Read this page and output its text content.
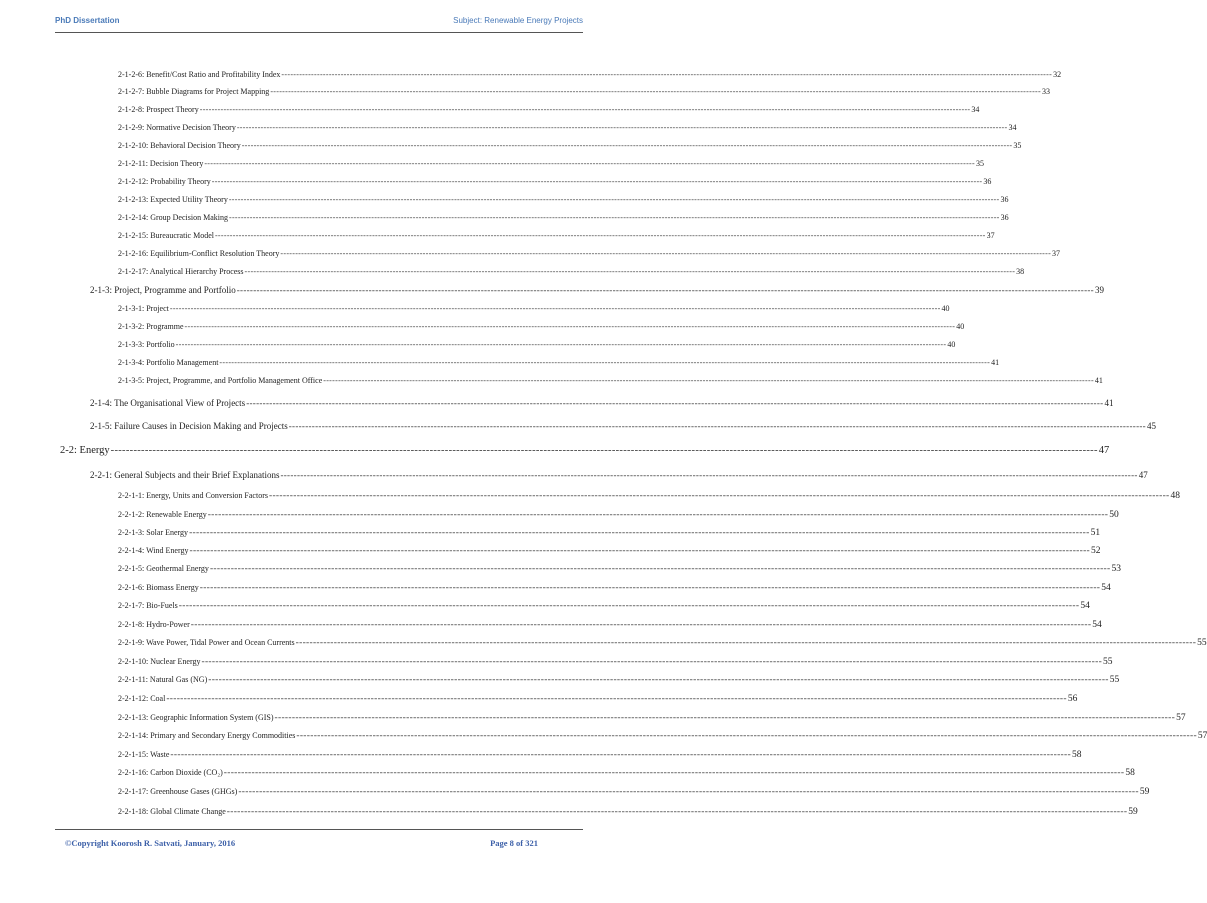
PhD Dissertation	Subject: Renewable Energy Projects
2-1-2-6: Benefit/Cost Ratio and Profitability Index -------------------------------------------------------------------------------------------------------------------------------------------------------------------------------------------------------------------------------------------------------------------- 32
2-1-2-7: Bubble Diagrams for Project Mapping -------------------------------------------------------------------------------------------------------------------------------------------------------------------------------------------------------------------------------------------------------------------- 33
2-1-2-8: Prospect Theory -------------------------------------------------------------------------------------------------------------------------------------------------------------------------------------------------------------------------------------------------------------------- 34
2-1-2-9: Normative Decision Theory -------------------------------------------------------------------------------------------------------------------------------------------------------------------------------------------------------------------------------------------------------------------- 34
2-1-2-10: Behavioral Decision Theory -------------------------------------------------------------------------------------------------------------------------------------------------------------------------------------------------------------------------------------------------------------------- 35
2-1-2-11: Decision Theory -------------------------------------------------------------------------------------------------------------------------------------------------------------------------------------------------------------------------------------------------------------------- 35
2-1-2-12: Probability Theory -------------------------------------------------------------------------------------------------------------------------------------------------------------------------------------------------------------------------------------------------------------------- 36
2-1-2-13: Expected Utility Theory -------------------------------------------------------------------------------------------------------------------------------------------------------------------------------------------------------------------------------------------------------------------- 36
2-1-2-14: Group Decision Making -------------------------------------------------------------------------------------------------------------------------------------------------------------------------------------------------------------------------------------------------------------------- 36
2-1-2-15: Bureaucratic Model -------------------------------------------------------------------------------------------------------------------------------------------------------------------------------------------------------------------------------------------------------------------- 37
2-1-2-16: Equilibrium-Conflict Resolution Theory -------------------------------------------------------------------------------------------------------------------------------------------------------------------------------------------------------------------------------------------------------------------- 37
2-1-2-17: Analytical Hierarchy Process -------------------------------------------------------------------------------------------------------------------------------------------------------------------------------------------------------------------------------------------------------------------- 38
2-1-3: Project, Programme and Portfolio -------------------------------------------------------------------------------------------------------------------------------------------------------------------------------------------------------------------------------------------------------------------- 39
2-1-3-1: Project -------------------------------------------------------------------------------------------------------------------------------------------------------------------------------------------------------------------------------------------------------------------- 40
2-1-3-2: Programme -------------------------------------------------------------------------------------------------------------------------------------------------------------------------------------------------------------------------------------------------------------------- 40
2-1-3-3: Portfolio -------------------------------------------------------------------------------------------------------------------------------------------------------------------------------------------------------------------------------------------------------------------- 40
2-1-3-4: Portfolio Management -------------------------------------------------------------------------------------------------------------------------------------------------------------------------------------------------------------------------------------------------------------------- 41
2-1-3-5: Project, Programme, and Portfolio Management Office -------------------------------------------------------------------------------------------------------------------------------------------------------------------------------------------------------------------------------------------------------------------- 41
2-1-4: The Organisational View of Projects -------------------------------------------------------------------------------------------------------------------------------------------------------------------------------------------------------------------------------------------------------------------- 41
2-1-5: Failure Causes in Decision Making and Projects -------------------------------------------------------------------------------------------------------------------------------------------------------------------------------------------------------------------------------------------------------------------- 45
2-2: Energy -------------------------------------------------------------------------------------------------------------------------------------------------------------------------------------------------------------------------------------------------------------------- 47
2-2-1: General Subjects and their Brief Explanations -------------------------------------------------------------------------------------------------------------------------------------------------------------------------------------------------------------------------------------------------------------------- 47
2-2-1-1: Energy, Units and Conversion Factors -------------------------------------------------------------------------------------------------------------------------------------------------------------------------------------------------------------------------------------------------------------------- 48
2-2-1-2: Renewable Energy -------------------------------------------------------------------------------------------------------------------------------------------------------------------------------------------------------------------------------------------------------------------- 50
2-2-1-3: Solar Energy -------------------------------------------------------------------------------------------------------------------------------------------------------------------------------------------------------------------------------------------------------------------- 51
2-2-1-4: Wind Energy -------------------------------------------------------------------------------------------------------------------------------------------------------------------------------------------------------------------------------------------------------------------- 52
2-2-1-5: Geothermal Energy -------------------------------------------------------------------------------------------------------------------------------------------------------------------------------------------------------------------------------------------------------------------- 53
2-2-1-6: Biomass Energy -------------------------------------------------------------------------------------------------------------------------------------------------------------------------------------------------------------------------------------------------------------------- 54
2-2-1-7: Bio-Fuels -------------------------------------------------------------------------------------------------------------------------------------------------------------------------------------------------------------------------------------------------------------------- 54
2-2-1-8: Hydro-Power -------------------------------------------------------------------------------------------------------------------------------------------------------------------------------------------------------------------------------------------------------------------- 54
2-2-1-9: Wave Power, Tidal Power and Ocean Currents -------------------------------------------------------------------------------------------------------------------------------------------------------------------------------------------------------------------------------------------------------------------- 55
2-2-1-10: Nuclear Energy -------------------------------------------------------------------------------------------------------------------------------------------------------------------------------------------------------------------------------------------------------------------- 55
2-2-1-11: Natural Gas (NG) -------------------------------------------------------------------------------------------------------------------------------------------------------------------------------------------------------------------------------------------------------------------- 55
2-2-1-12: Coal -------------------------------------------------------------------------------------------------------------------------------------------------------------------------------------------------------------------------------------------------------------------- 56
2-2-1-13: Geographic Information System (GIS) -------------------------------------------------------------------------------------------------------------------------------------------------------------------------------------------------------------------------------------------------------------------- 57
2-2-1-14: Primary and Secondary Energy Commodities -------------------------------------------------------------------------------------------------------------------------------------------------------------------------------------------------------------------------------------------------------------------- 57
2-2-1-15: Waste -------------------------------------------------------------------------------------------------------------------------------------------------------------------------------------------------------------------------------------------------------------------- 58
2-2-1-16: Carbon Dioxide (CO₂) -------------------------------------------------------------------------------------------------------------------------------------------------------------------------------------------------------------------------------------------------------------------- 58
2-2-1-17: Greenhouse Gases (GHGs) -------------------------------------------------------------------------------------------------------------------------------------------------------------------------------------------------------------------------------------------------------------------- 59
2-2-1-18: Global Climate Change -------------------------------------------------------------------------------------------------------------------------------------------------------------------------------------------------------------------------------------------------------------------- 59
©Copyright Koorosh R. Satvati, January, 2016	Page 8 of 321
